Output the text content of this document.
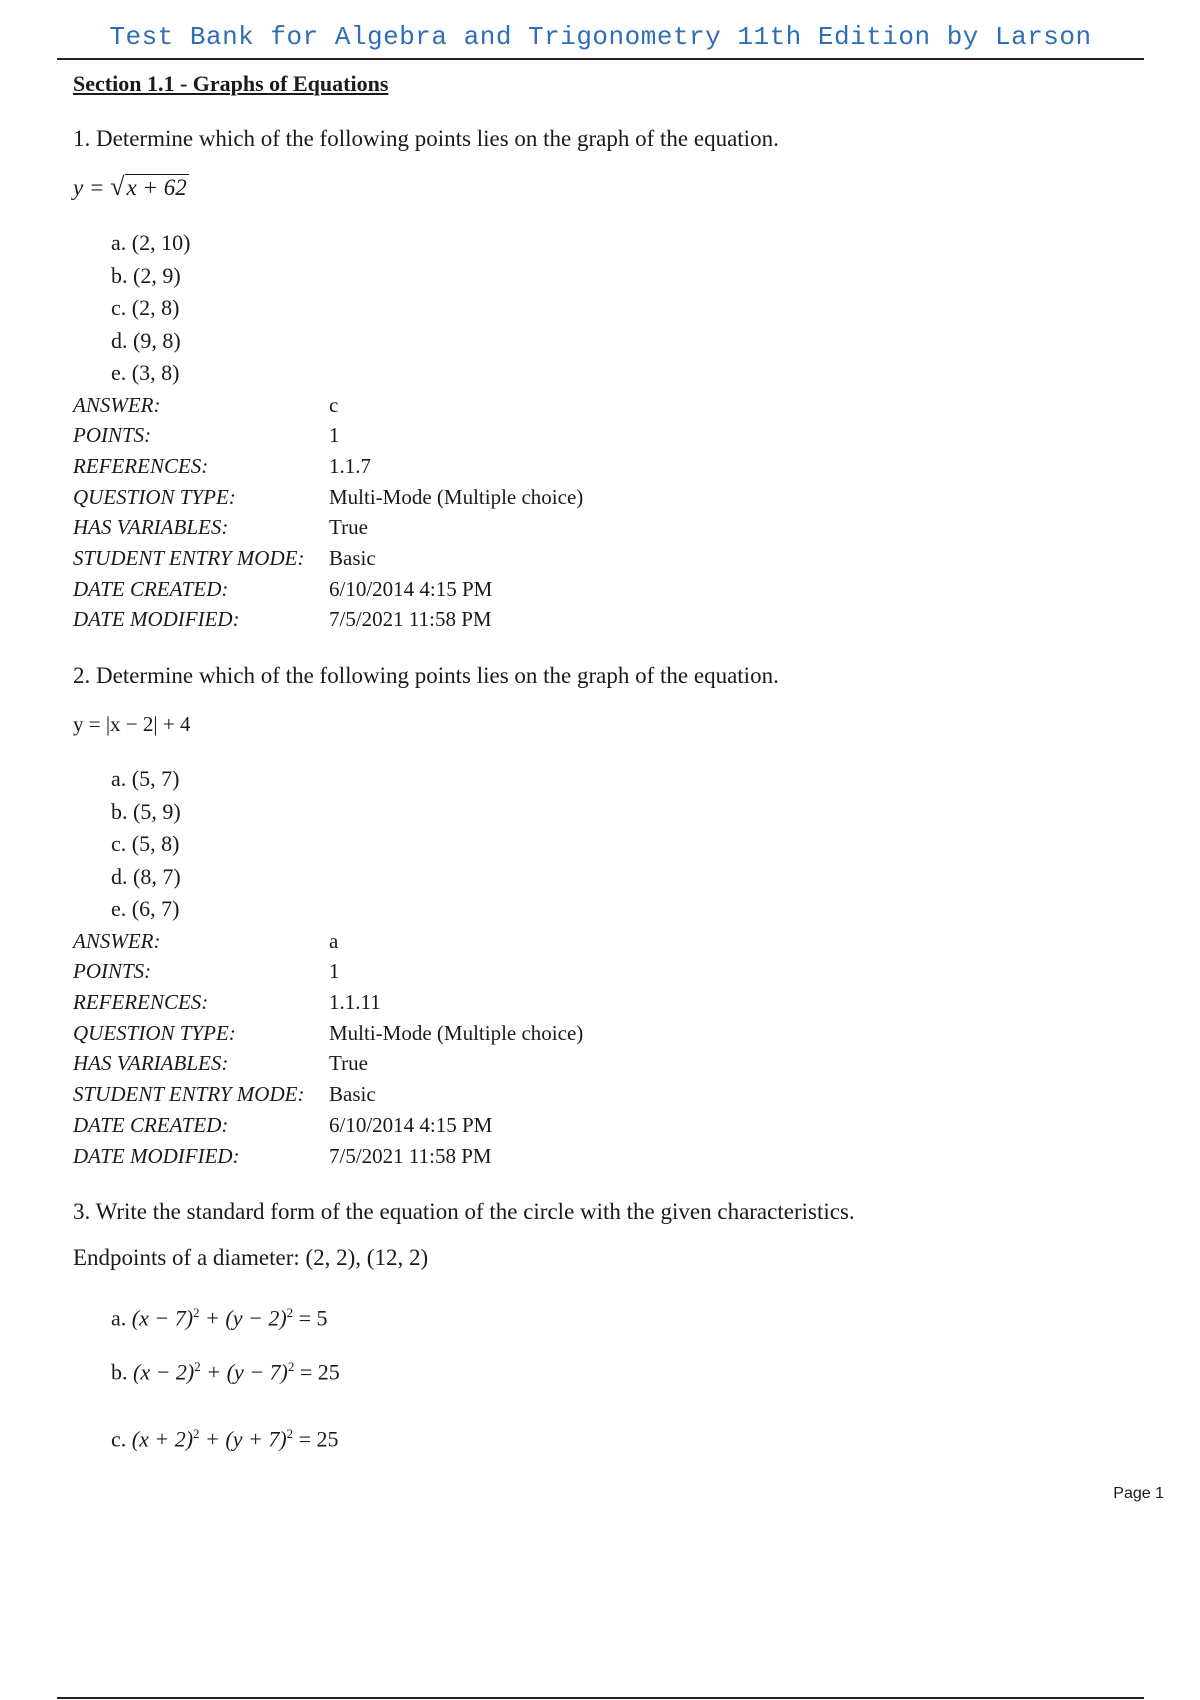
Test Bank for Algebra and Trigonometry 11th Edition by Larson
Section 1.1 - Graphs of Equations
1. Determine which of the following points lies on the graph of the equation.
y = √x + 62
a. (2, 10)
b. (2, 9)
c. (2, 8)
d. (9, 8)
e. (3, 8)
ANSWER:	c
POINTS:	1
REFERENCES:	1.1.7
QUESTION TYPE:	Multi-Mode (Multiple choice)
HAS VARIABLES:	True
STUDENT ENTRY MODE:	Basic
DATE CREATED:	6/10/2014 4:15 PM
DATE MODIFIED:	7/5/2021 11:58 PM
2. Determine which of the following points lies on the graph of the equation.
y = |x − 2| + 4
a. (5, 7)
b. (5, 9)
c. (5, 8)
d. (8, 7)
e. (6, 7)
ANSWER:	a
POINTS:	1
REFERENCES:	1.1.11
QUESTION TYPE:	Multi-Mode (Multiple choice)
HAS VARIABLES:	True
STUDENT ENTRY MODE:	Basic
DATE CREATED:	6/10/2014 4:15 PM
DATE MODIFIED:	7/5/2021 11:58 PM
3. Write the standard form of the equation of the circle with the given characteristics.
Endpoints of a diameter: (2, 2), (12, 2)
a. $(x - 7)^2 + (y - 2)^2 = 5$
b. $(x - 2)^2 + (y - 7)^2 = 25$
c. $(x + 2)^2 + (y + 7)^2 = 25$
Page 1
